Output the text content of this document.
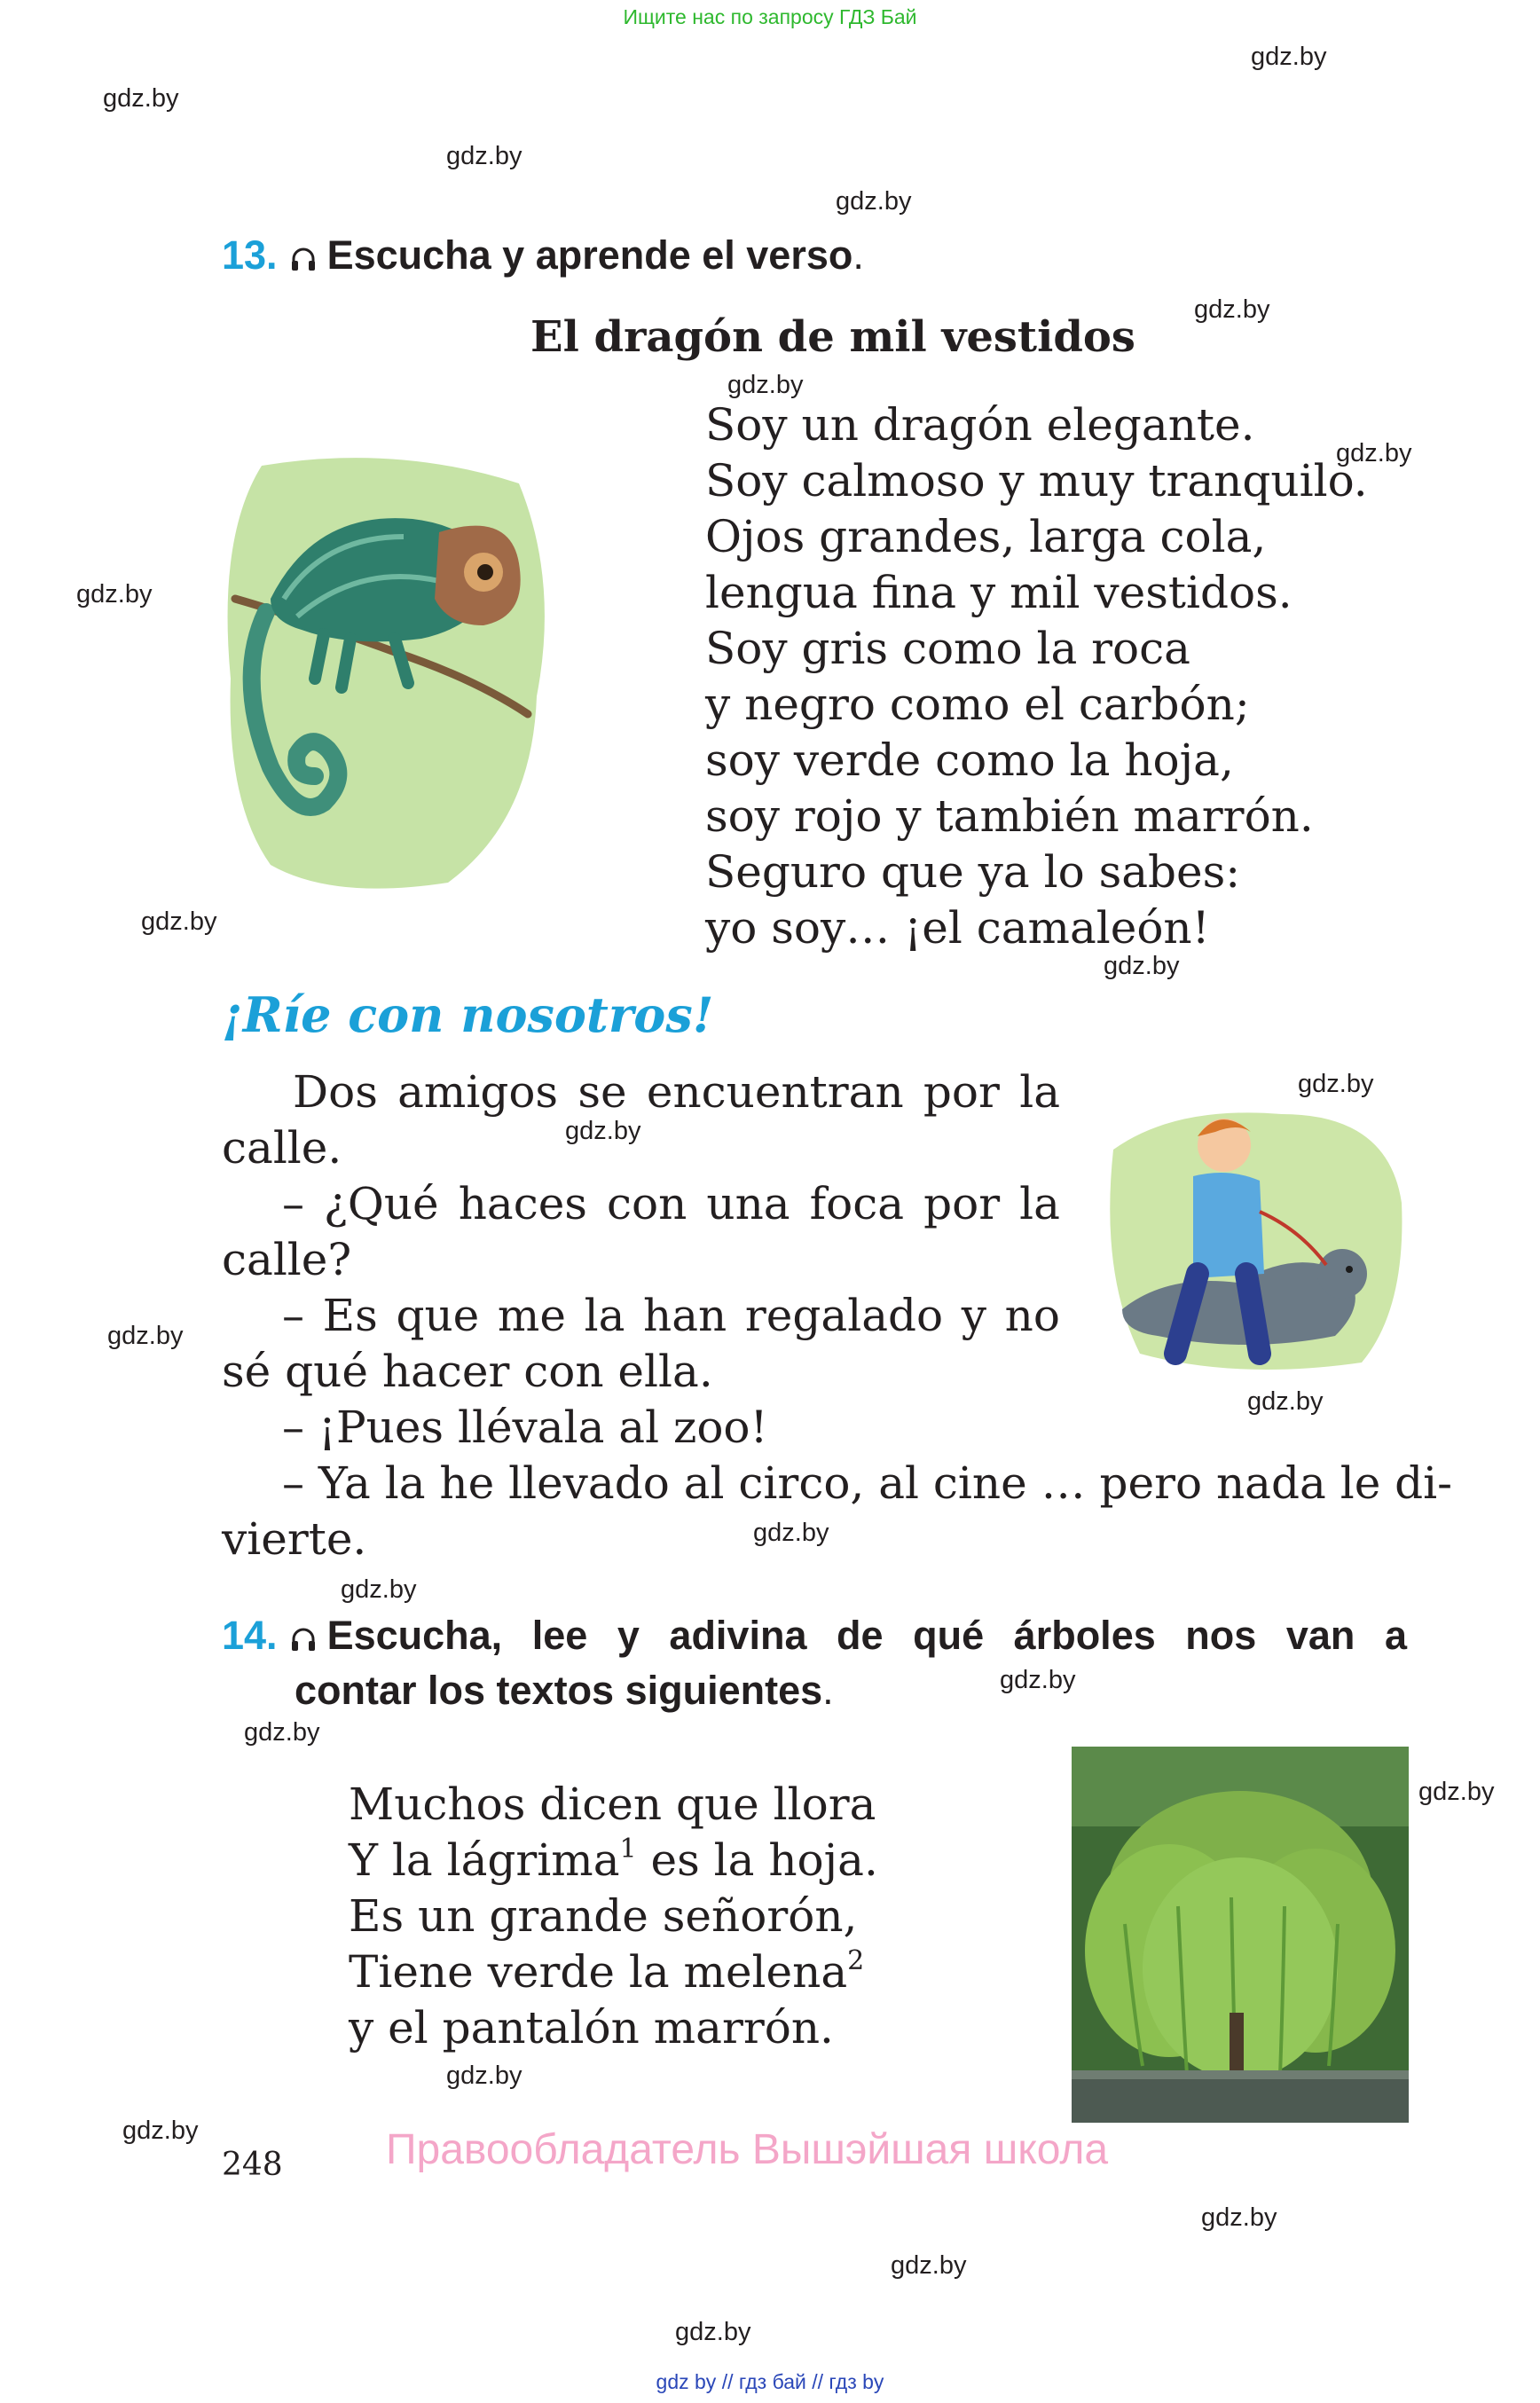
Ищите нас по запросу ГДЗ Бай
gdz.by
gdz.by
gdz.by
gdz.by
gdz.by
gdz.by
gdz.by
gdz.by
gdz.by
gdz.by
gdz.by
gdz.by
gdz.by
gdz.by
gdz.by
gdz.by
gdz.by
gdz.by
gdz.by
gdz.by
gdz.by
gdz.by
gdz.by
gdz.by
13. Escucha y aprende el verso.
El dragón de mil vestidos
Soy un dragón elegante.
Soy calmoso y muy tranquilo.
Ojos grandes, larga cola,
lengua fina y mil vestidos.
Soy gris como la roca
y negro como el carbón;
soy verde como la hoja,
soy rojo y también marrón.
Seguro que ya lo sabes:
yo soy… ¡el camaleón!
¡Ríe con nosotros!
Dos amigos se encuentran por la
calle.
– ¿Qué haces con una foca por la
calle?
– Es que me la han regalado y no
sé qué hacer con ella.
– ¡Pues llévala al zoo!
– Ya la he llevado al circo, al cine … pero nada le di-
vierte.
14. Escucha, lee y adivina de qué árboles nos van a
contar los textos siguientes.
Muchos dicen que llora
Y la lágrima$^1$ es la hoja.
Es un grande señorón,
Tiene verde la melena$^2$
y el pantalón marrón.
248 Правообладатель Вышэйшая школа
gdz by // гдз бай // гдз by
